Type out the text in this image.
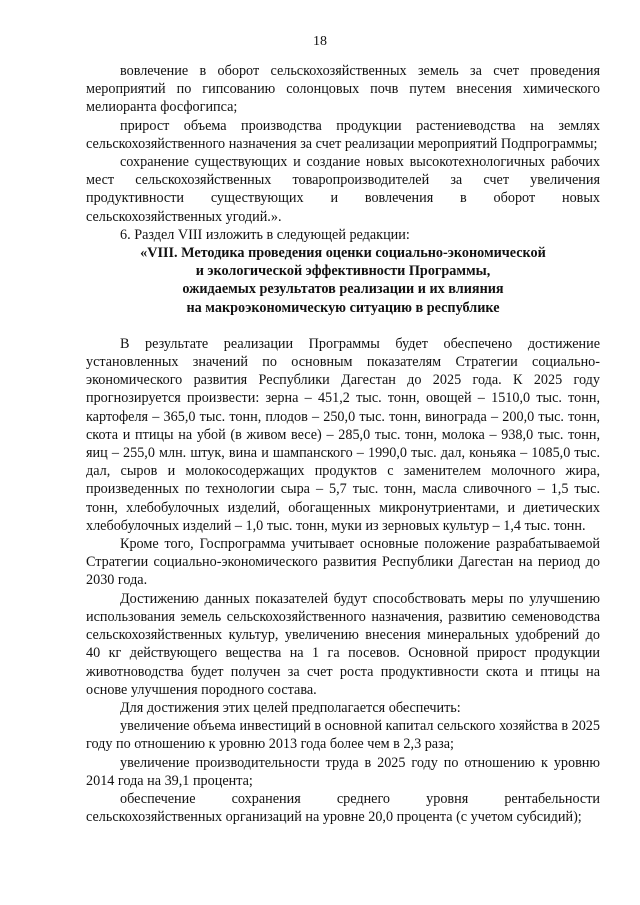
18

вовлечение в оборот сельскохозяйственных земель за счет проведения мероприятий по гипсованию солонцовых почв путем внесения химического мелиоранта фосфогипса;

прирост объема производства продукции растениеводства на землях сельскохозяйственного назначения за счет реализации мероприятий Подпрограммы;

сохранение существующих и создание новых высокотехнологичных рабочих мест сельскохозяйственных товаропроизводителей за счет увеличения продуктивности существующих и вовлечения в оборот новых сельскохозяйственных угодий.».

6. Раздел VIII изложить в следующей редакции:

«VIII. Методика проведения оценки социально-экономической
и экологической эффективности Программы,
ожидаемых результатов реализации и их влияния
на макроэкономическую ситуацию в республике

В результате реализации Программы будет обеспечено достижение установленных значений по основным показателям Стратегии социально-экономического развития Республики Дагестан до 2025 года. К 2025 году прогнозируется произвести: зерна – 451,2 тыс. тонн, овощей – 1510,0 тыс. тонн, картофеля – 365,0 тыс. тонн, плодов – 250,0 тыс. тонн, винограда – 200,0 тыс. тонн, скота и птицы на убой (в живом весе) – 285,0 тыс. тонн, молока – 938,0 тыс. тонн, яиц – 255,0 млн. штук, вина и шампанского – 1990,0 тыс. дал, коньяка – 1085,0 тыс. дал, сыров и молокосодержащих продуктов с заменителем молочного жира, произведенных по технологии сыра – 5,7 тыс. тонн, масла сливочного – 1,5 тыс. тонн, хлебобулочных изделий, обогащенных микронутриентами, и диетических хлебобулочных изделий – 1,0 тыс. тонн, муки из зерновых культур – 1,4 тыс. тонн.

Кроме того, Госпрограмма учитывает основные положение разрабатываемой Стратегии социально-экономического развития Республики Дагестан на период до 2030 года.

Достижению данных показателей будут способствовать меры по улучшению использования земель сельскохозяйственного назначения, развитию семеноводства сельскохозяйственных культур, увеличению внесения минеральных удобрений до 40 кг действующего вещества на 1 га посевов. Основной прирост продукции животноводства будет получен за счет роста продуктивности скота и птицы на основе улучшения породного состава.

Для достижения этих целей предполагается обеспечить:

увеличение объема инвестиций в основной капитал сельского хозяйства в 2025 году по отношению к уровню 2013 года более чем в 2,3 раза;

увеличение производительности труда в 2025 году по отношению к уровню 2014 года на 39,1 процента;

обеспечение сохранения среднего уровня рентабельности сельскохозяйственных организаций на уровне 20,0 процента (с учетом субсидий);
